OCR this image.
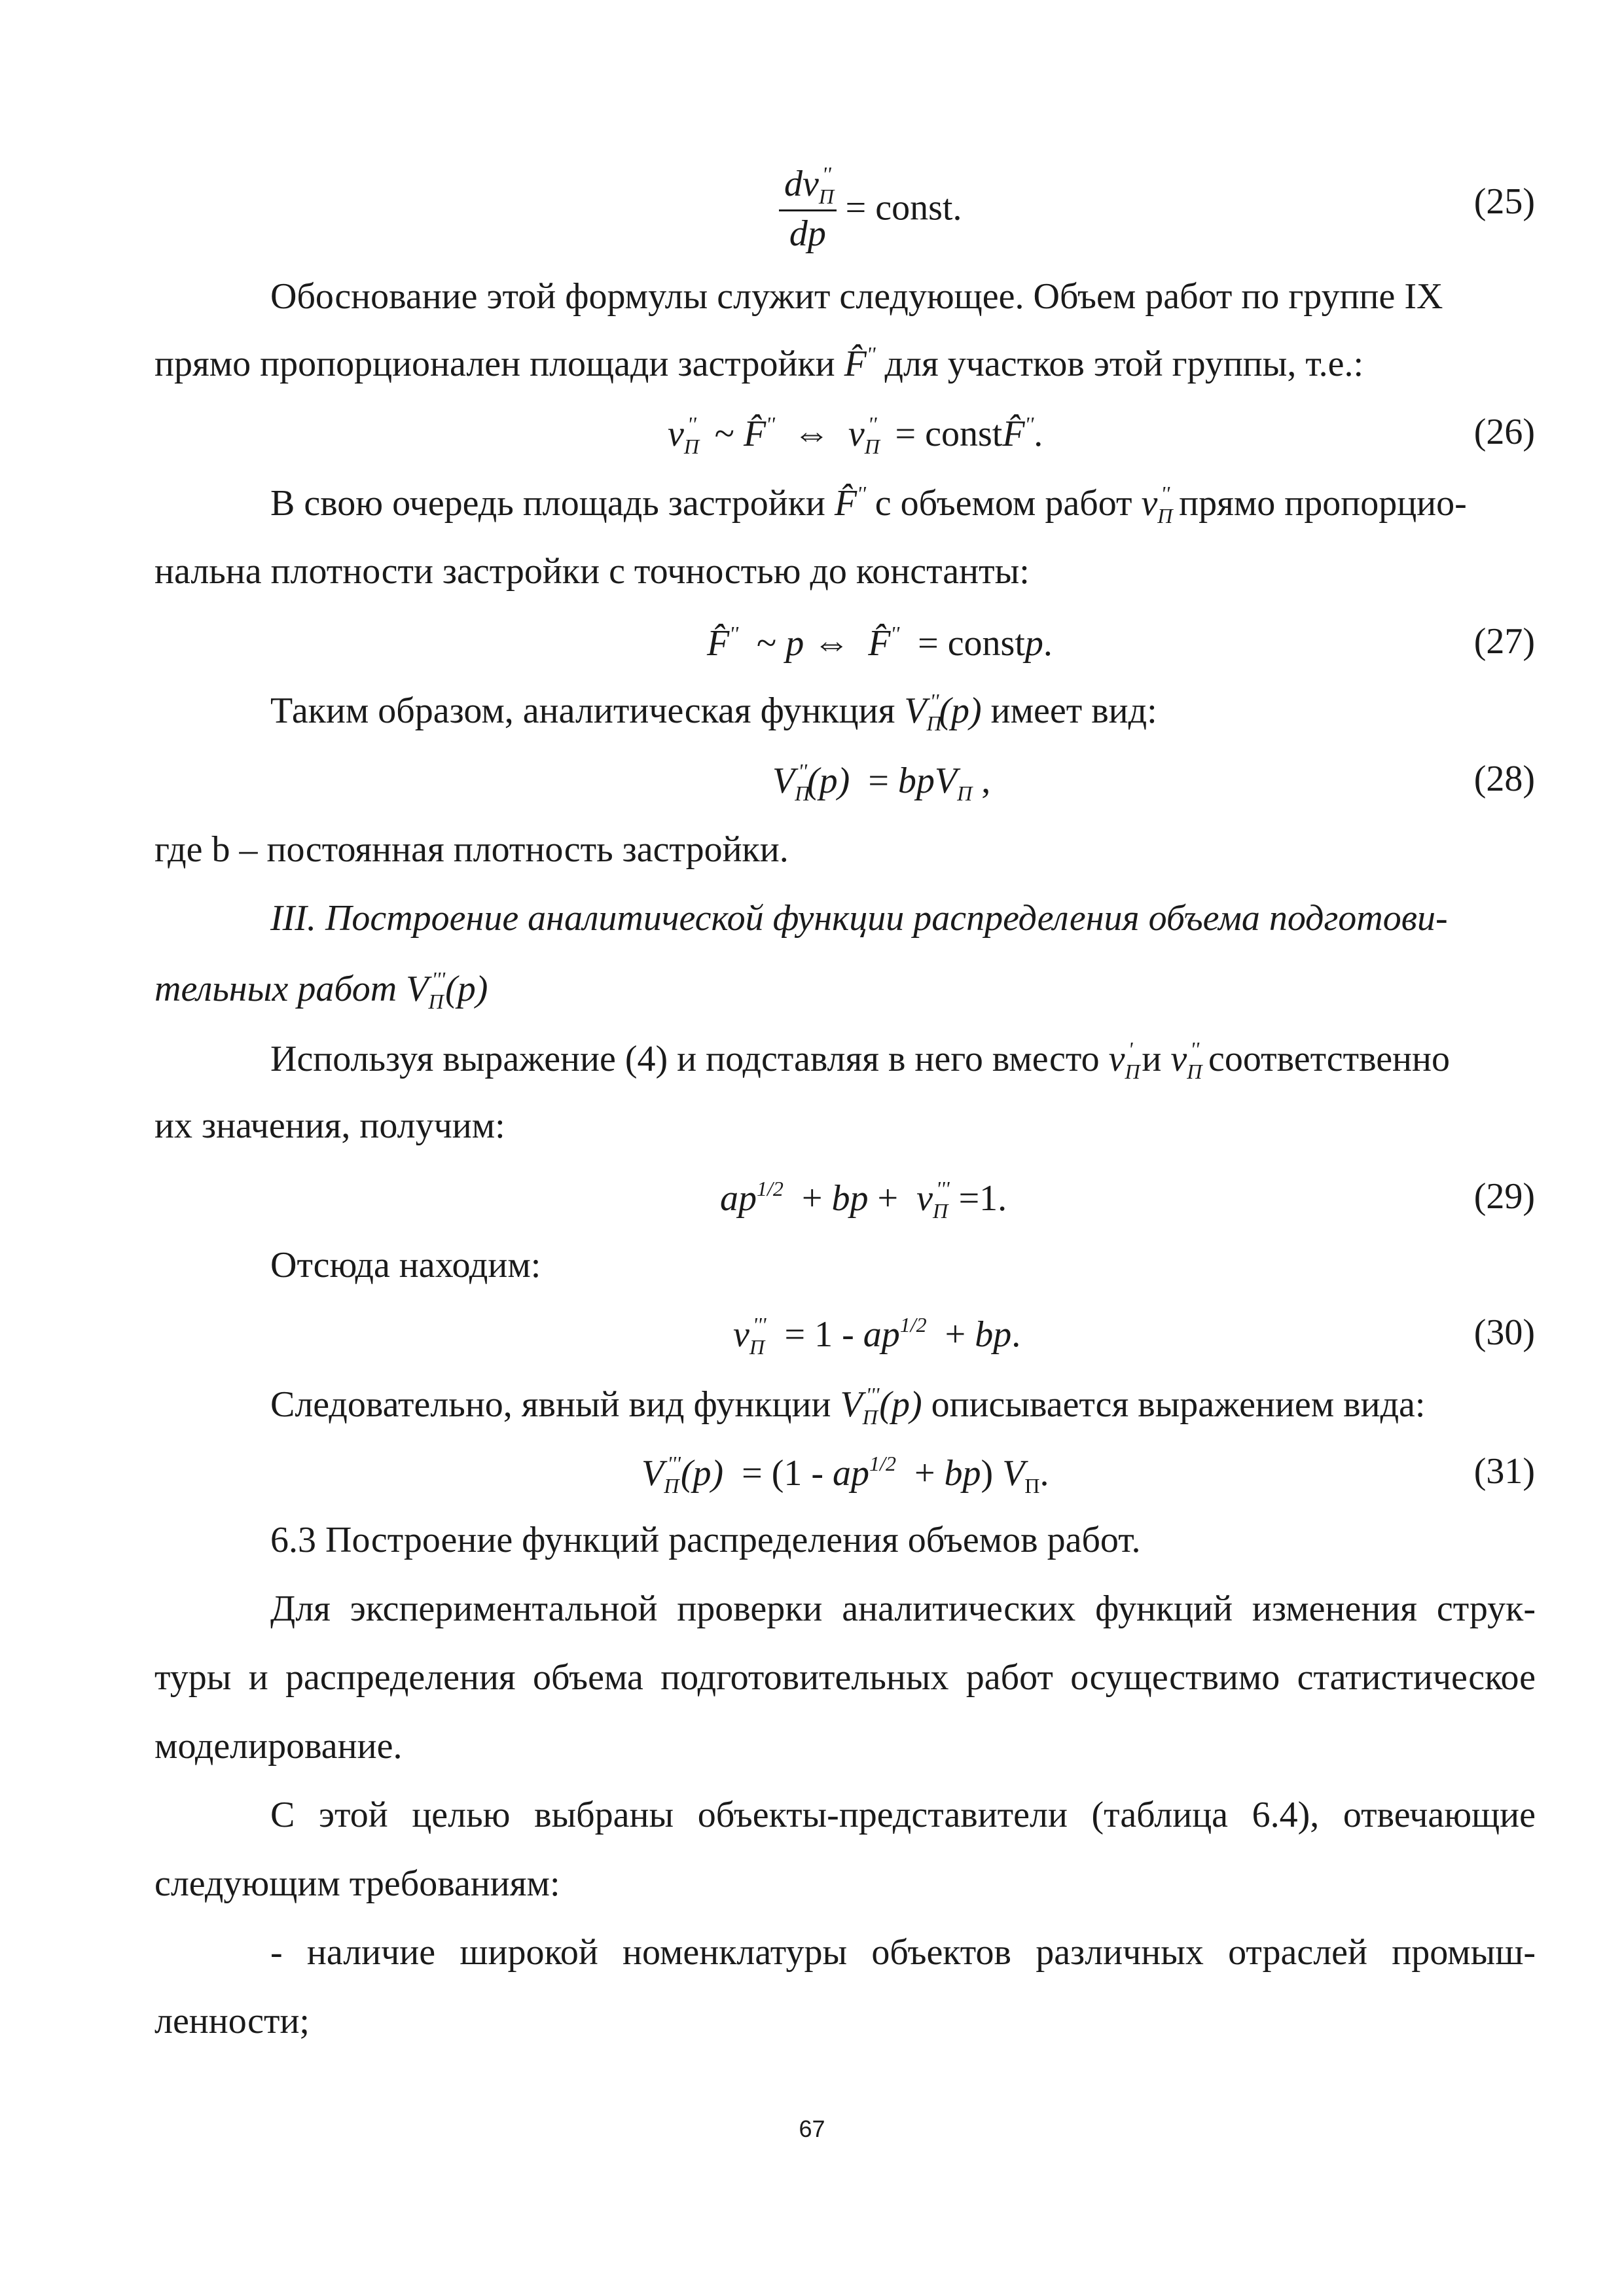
$\frac{dv_П''}{dp}$ = const.	(25)
Обоснование этой формулы служит следующее. Объем работ по группе IX
прямо пропорционален площади застройки F̂'' для участков этой группы, т.е.:
$v_П''$  ~ F̂''  ⇔  $v_П''$  = constF̂''.	(26)
В свою очередь площадь застройки F̂'' с объемом работ $v_П''$ прямо пропорцио-
нальна плотности застройки с точностью до константы:
F̂''  ~ p ⇔  F̂''  = constp.	(27)
Таким образом, аналитическая функция $V_П''(p)$ имеет вид:
$V_П''(p) = bpV_П$ ,	(28)
где b – постоянная плотность застройки.
III. Построение аналитической функции распределения объема подготови-
тельных работ $V_П'''(p)$
Используя выражение (4) и подставляя в него вместо $v_П'$ и $v_П''$ соответственно
их значения, получим:
$ap^{1/2}$  + bp +  $v_П''' =1$.	(29)
Отсюда находим:
$v_П''' = 1 - ap^{1/2}$  + bp.	(30)
Следовательно, явный вид функции $V_П'''(p)$ описывается выражением вида:
$V_П'''(p) = (1 - ap^{1/2} + bp)$ $V_П$.	(31)
6.3 Построение функций распределения объемов работ.
Для экспериментальной проверки аналитических функций изменения струк-
туры и распределения объема подготовительных работ осуществимо статистическое
моделирование.
С этой целью выбраны объекты-представители (таблица 6.4), отвечающие
следующим требованиям:
- наличие широкой номенклатуры объектов различных отраслей промыш-
ленности;
67
